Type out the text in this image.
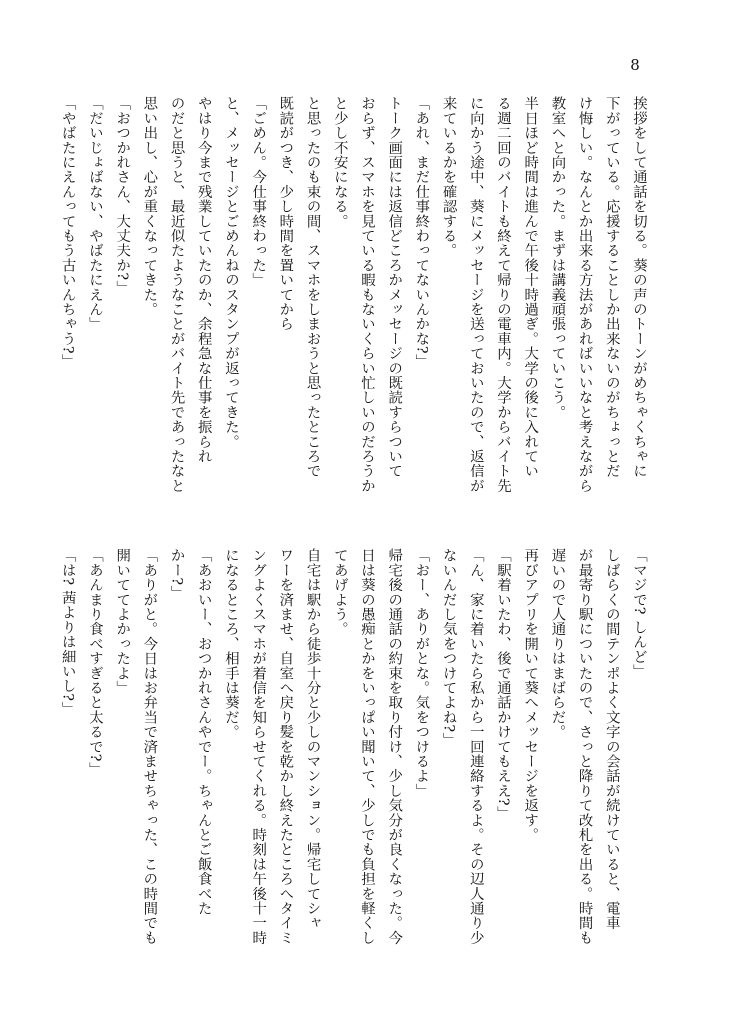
8

挨拶をして通話を切る。葵の声のトーンがめちゃくちゃに

下がっている。応援することしか出来ないのがちょっとだ

け悔しい。なんとか出来る方法があればいいなと考えながら

教室へと向かった。まずは講義頑張っていこう。

半日ほど時間は進んで午後十時過ぎ。大学の後に入れてい

る週二回のバイトも終えて帰りの電車内。大学からバイト先

に向かう途中、葵にメッセージを送っておいたので、返信が

来ているかを確認する。

「あれ、まだ仕事終わってないんかな?」

トーク画面には返信どころかメッセージの既読すらついて

おらず、スマホを見ている暇もないくらい忙しいのだろうか

と少し不安になる。

と思ったのも束の間、スマホをしまおうと思ったところで

既読がつき、少し時間を置いてから

「ごめん。今仕事終わった」

と、メッセージとごめんねのスタンプが返ってきた。

やはり今まで残業していたのか、余程急な仕事を振られ

のだと思うと、最近似たようなことがバイト先であったなと

思い出し、心が重くなってきた。

「おつかれさん、大丈夫か?」

「だいじょばない、やばたにえん」

「やばたにえんってもう古いんちゃう?」

「マジで? しんど」

しばらくの間テンポよく文字の会話が続けていると、電車

が最寄り駅についたので、さっと降りて改札を出る。時間も

遅いので人通りはまばらだ。

再びアプリを開いて葵へメッセージを返す。

「駅着いたわ、後で通話かけてもええ?」

「ん、家に着いたら私から一回連絡するよ。その辺人通り少

ないんだし気をつけてよね?」

「おー、ありがとな。気をつけるよ」

帰宅後の通話の約束を取り付け、少し気分が良くなった。今

日は葵の愚痴とかをいっぱい聞いて、少しでも負担を軽くし

てあげよう。

自宅は駅から徒歩十分と少しのマンション。帰宅してシャ

ワーを済ませ、自室へ戻り髪を乾かし終えたところへタイミ

ングよくスマホが着信を知らせてくれる。時刻は午後十一時

になるところ、相手は葵だ。

「あおいー、おつかれさんやでー。ちゃんとご飯食べた

かー?」

「ありがと。今日はお弁当で済ませちゃった、この時間でも

開いててよかったよ」

「あんまり食べすぎると太るで?」

「は? 茜よりは細いし?」
